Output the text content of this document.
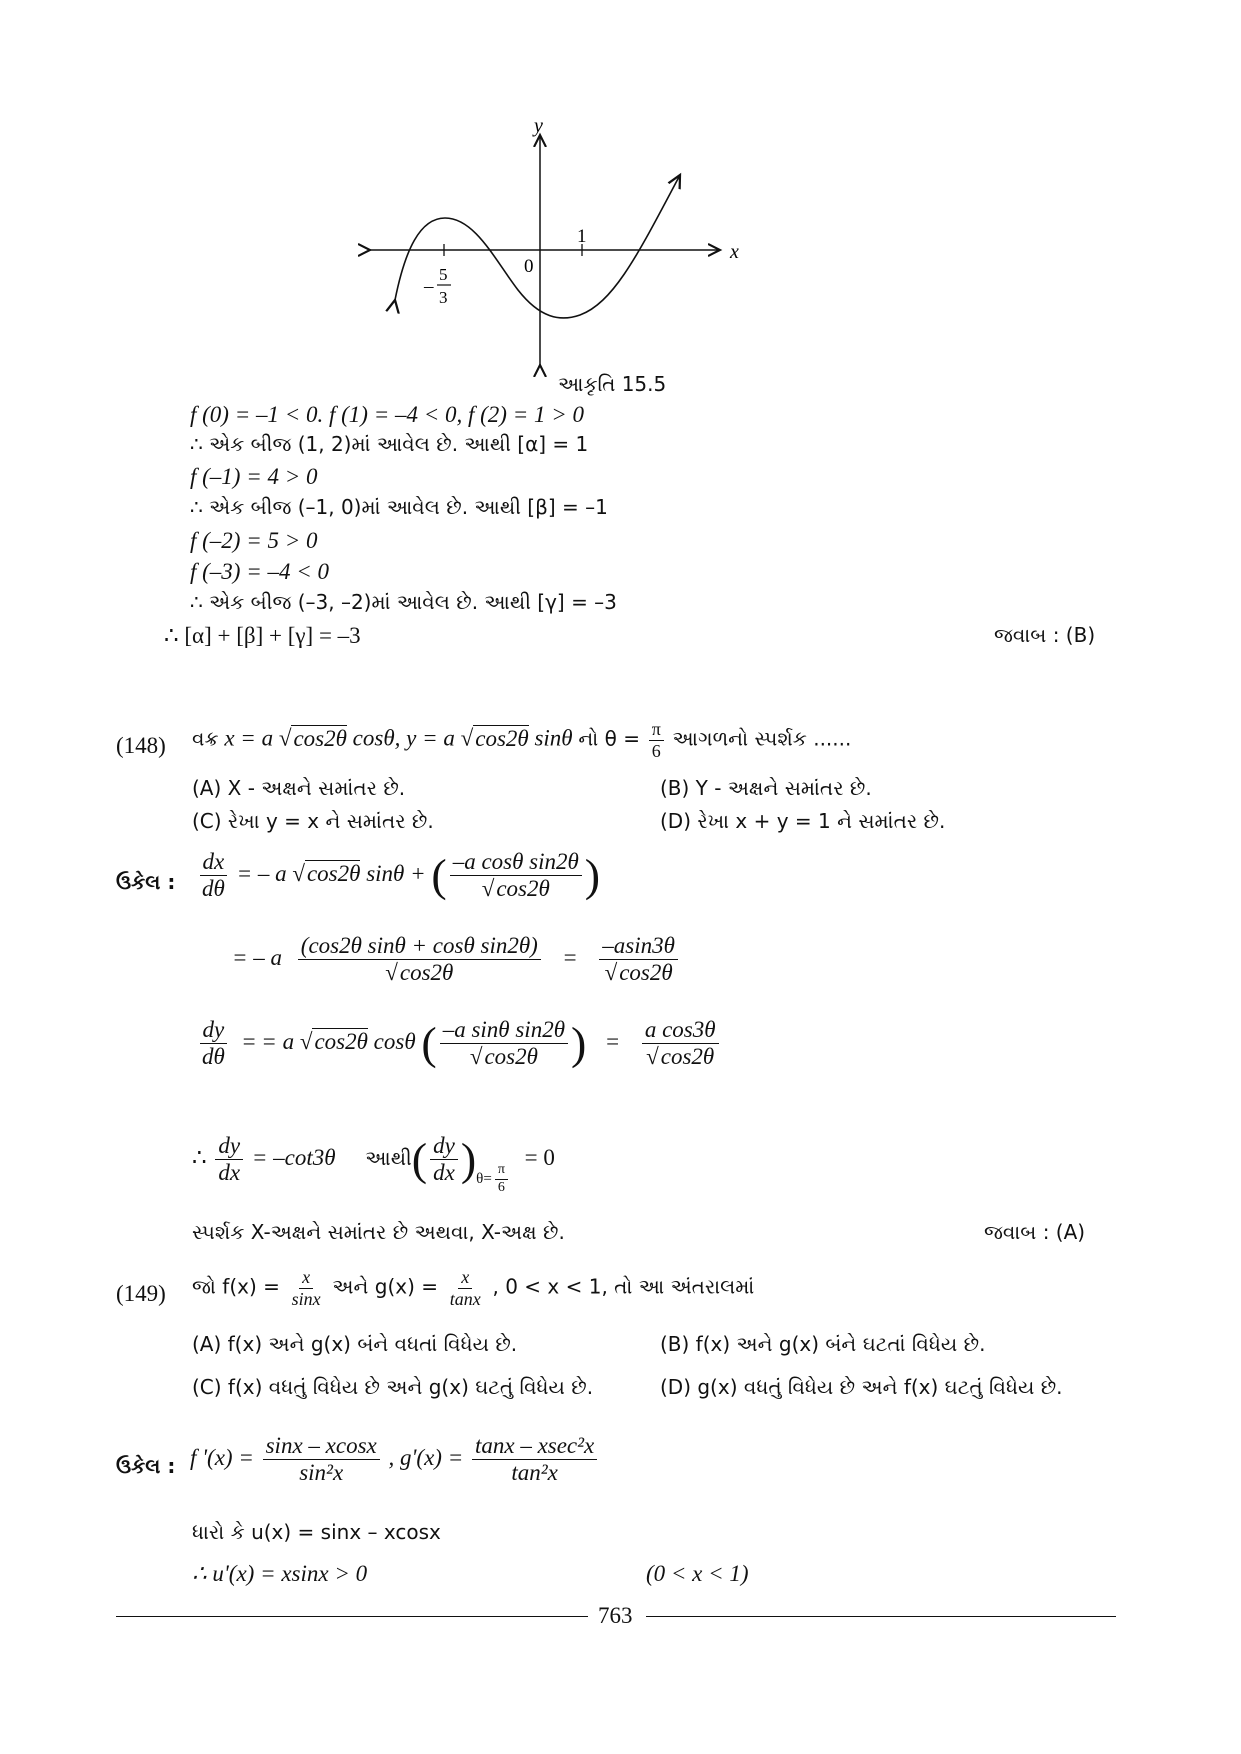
y
x
0
1
–
5
3
આકૃતિ 15.5
f (0) = –1 < 0. f (1) = –4 < 0, f (2) = 1 > 0
∴ એક બીજ (1, 2)માં આવેલ છે. આથી [α] = 1
f (–1) = 4 > 0
∴ એક બીજ (–1, 0)માં આવેલ છે. આથી [β] = –1
f (–2) = 5 > 0
f (–3) = –4 < 0
∴ એક બીજ (–3, –2)માં આવેલ છે. આથી [γ] = –3
∴ [α] + [β] + [γ] = –3	જવાબ : (B)
(148) વક્ર x = a √cos2θ cosθ, y = a √cos2θ sinθ નો $\theta = \frac{\pi}{6}$ આગળનો સ્પર્શક ......
(A) X - અક્ષને સમાંતર છે.	(B) Y - અક્ષને સમાંતર છે.
(C) રેખા y = x ને સમાંતર છે.	(D) રેખા x + y = 1 ને સમાંતર છે.
ઉકેલ : $\frac{dx}{d\theta}$ = – a √cos2θ sinθ + ( $\frac{\text{–a cosθ sin2θ}}{√\cos 2\theta}$ )
= – a $\frac{\text{(cos2θ sinθ + cosθ sin2θ)}}{√\cos 2\theta} = \frac{-asin3\theta}{√\cos 2\theta}$
$\frac{dy}{d\theta}$ = = a √cos2θ cosθ ( $\frac{\text{–a sinθ sin2θ}}{√\cos 2\theta}$ ) = $\frac{\text{a cos3θ}}{√\cos 2\theta}$
∴ $\frac{dy}{dx} = -\cot 3\theta$ આથી( $\frac{dy}{dx} )_{\theta= \frac{\pi}{6}}$
= 0
સ્પર્શક X-અક્ષને સમાંતર છે અથવા, X-અક્ષ છે.	જવાબ : (A)
(149) જો $f(x) = \frac{x}{\sin x}$ અને $g(x) = \frac{x}{\tan x}$ , 0 < x < 1, તો આ અંતરાલમાં
(A) f(x) અને g(x) બંને વધતાં વિધેય છે.	(B) f(x) અને g(x) બંને ઘટતાં વિધેય છે.
(C) f(x) વધતું વિધેય છે અને g(x) ઘટતું વિધેય છે.	(D) g(x) વધતું વિધેય છે અને f(x) ઘટતું વિધેય છે.
ઉકેલ : f '$(x) = \frac{\sin x - xcosx}{\text{sin²x}}$ , $g'(x) = \frac{\text{tanx – xsec²x}}{\text{tan²x}}$
ધારો કે u(x) = sinx – xcosx
∴ u'(x) = xsinx > 0	(0 < x < 1)
763
